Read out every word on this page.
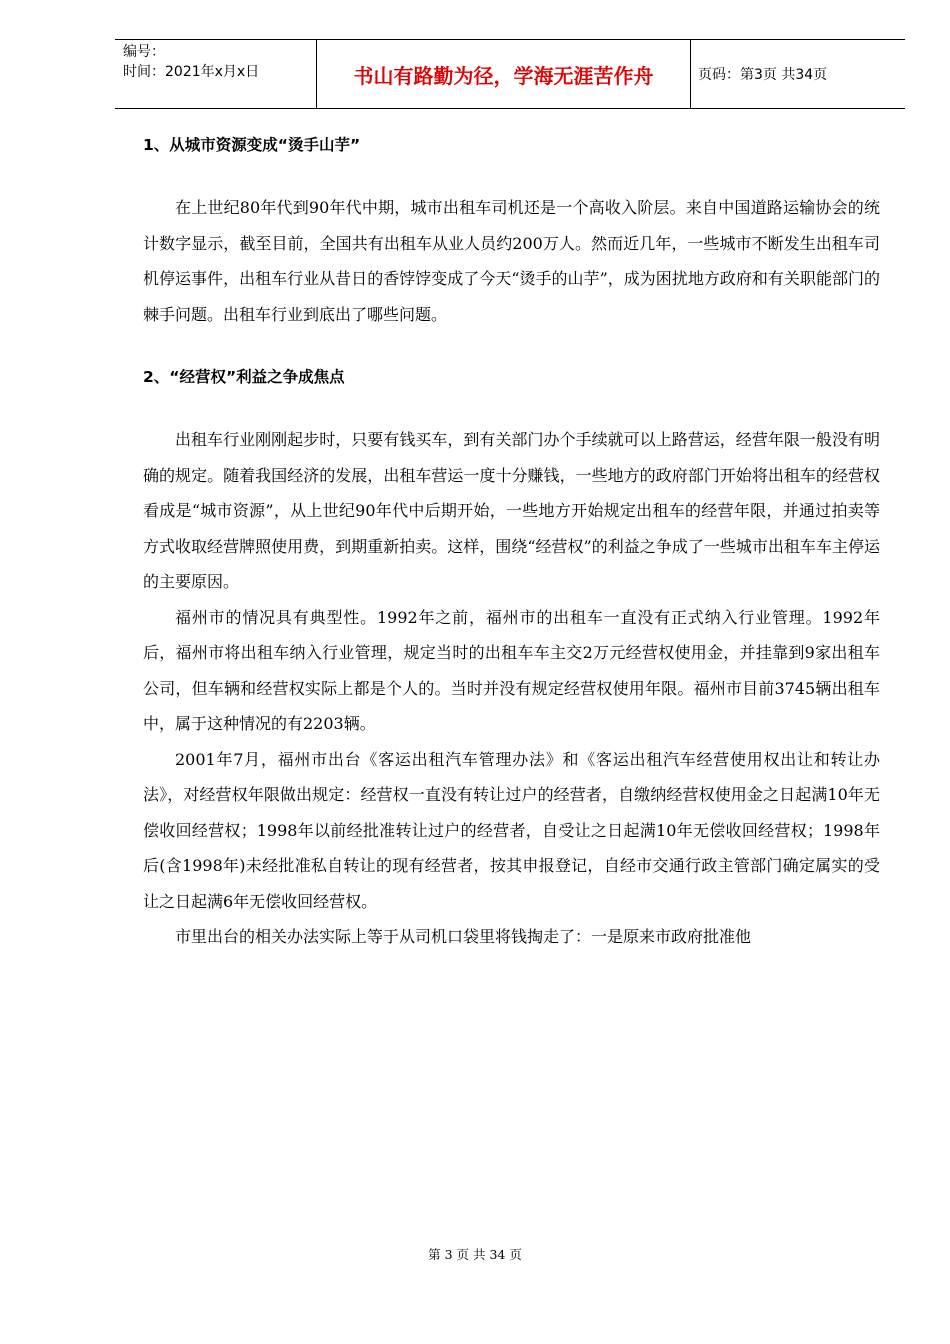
编号：
时间：2021年x月x日	书山有路勤为径，学海无涯苦作舟	页码：第3页 共34页
1、从城市资源变成“烫手山芋”

在上世纪80年代到90年代中期，城市出租车司机还是一个高收入阶层。来自中国道路运输协会的统计数字显示，截至目前，全国共有出租车从业人员约200万人。然而近几年，一些城市不断发生出租车司机停运事件，出租车行业从昔日的香饽饽变成了今天“烫手的山芋”，成为困扰地方政府和有关职能部门的棘手问题。出租车行业到底出了哪些问题。

2、“经营权”利益之争成焦点

出租车行业刚刚起步时，只要有钱买车，到有关部门办个手续就可以上路营运，经营年限一般没有明确的规定。随着我国经济的发展，出租车营运一度十分赚钱，一些地方的政府部门开始将出租车的经营权看成是“城市资源”，从上世纪90年代中后期开始，一些地方开始规定出租车的经营年限，并通过拍卖等方式收取经营牌照使用费，到期重新拍卖。这样，围绕“经营权”的利益之争成了一些城市出租车车主停运的主要原因。

福州市的情况具有典型性。1992年之前，福州市的出租车一直没有正式纳入行业管理。1992年后，福州市将出租车纳入行业管理，规定当时的出租车车主交2万元经营权使用金，并挂靠到9家出租车公司，但车辆和经营权实际上都是个人的。当时并没有规定经营权使用年限。福州市目前3745辆出租车中，属于这种情况的有2203辆。

2001年7月，福州市出台《客运出租汽车管理办法》和《客运出租汽车经营使用权出让和转让办法》，对经营权年限做出规定：经营权一直没有转让过户的经营者，自缴纳经营权使用金之日起满10年无偿收回经营权；1998年以前经批准转让过户的经营者，自受让之日起满10年无偿收回经营权；1998年后(含1998年)未经批准私自转让的现有经营者，按其申报登记，自经市交通行政主管部门确定属实的受让之日起满6年无偿收回经营权。

市里出台的相关办法实际上等于从司机口袋里将钱掏走了：一是原来市政府批准他

第 3 页 共 34 页
